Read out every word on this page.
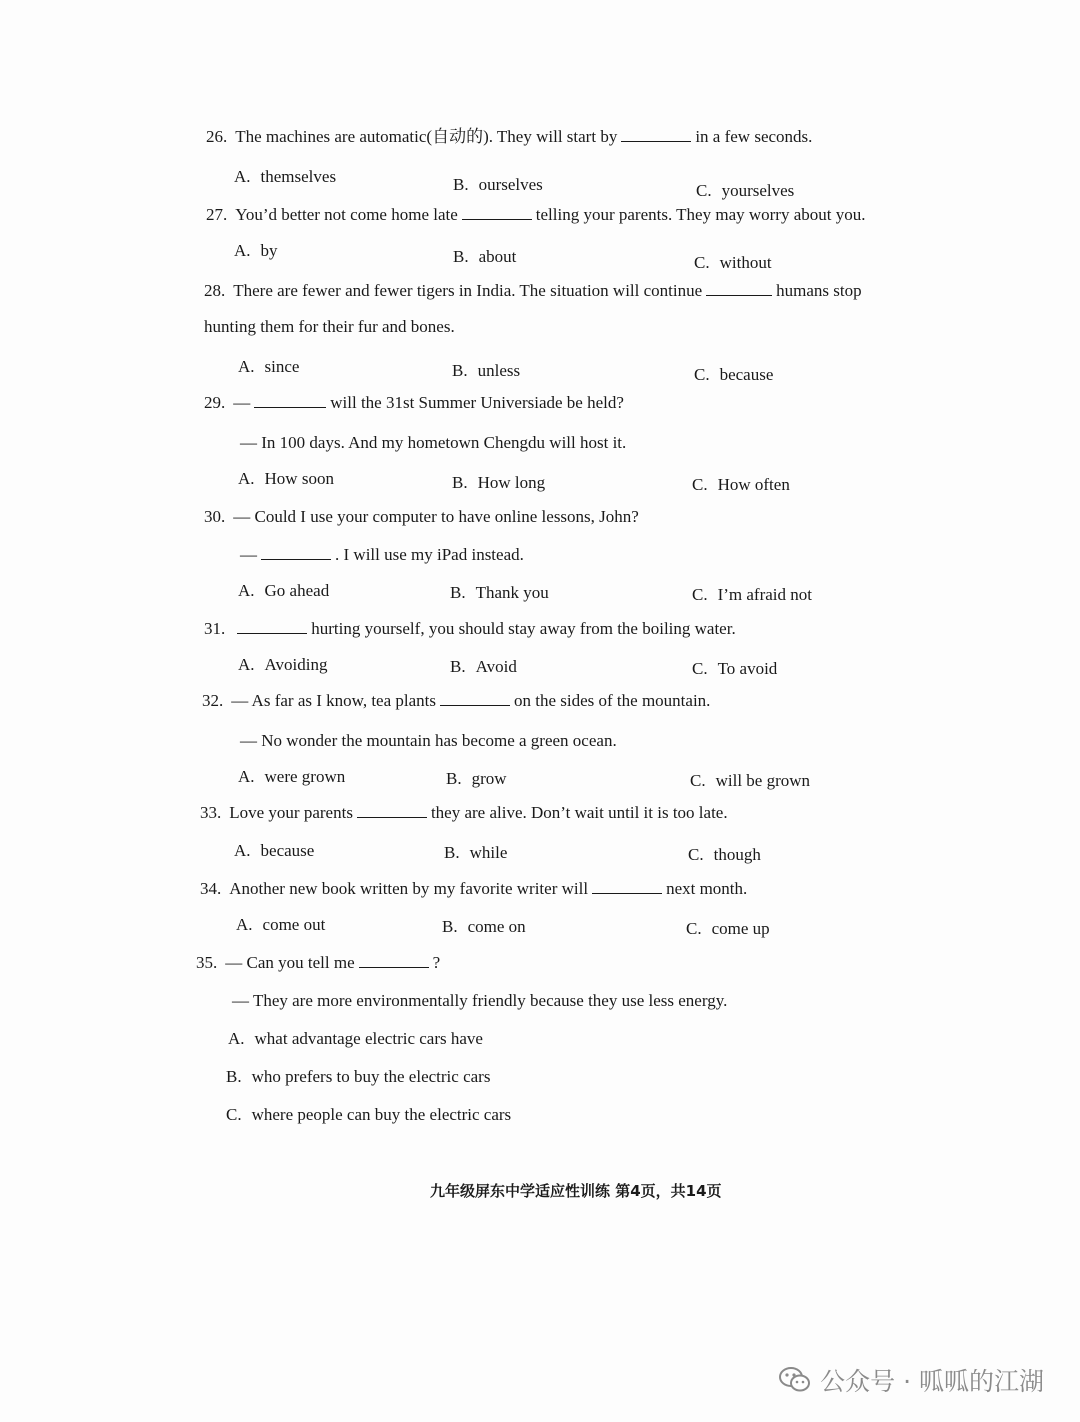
26. The machines are automatic(自动的). They will start by	in a few seconds.
A. themselves	B. ourselves	C. yourselves
27. You’d better not come home late	telling your parents. They may worry about you.
A. by	B. about	C. without
28. There are fewer and fewer tigers in India. The situation will continue	humans stop
hunting them for their fur and bones.
A. since	B. unless	C. because
29. —	will the 31st Summer Universiade be held?
— In 100 days. And my hometown Chengdu will host it.
A. How soon	B. How long	C. How often
30. — Could I use your computer to have online lessons, John?
—	. I will use my iPad instead.
A. Go ahead	B. Thank you	C. I’m afraid not
31.	hurting yourself, you should stay away from the boiling water.
A. Avoiding	B. Avoid	C. To avoid
32. — As far as I know, tea plants	on the sides of the mountain.
— No wonder the mountain has become a green ocean.
A. were grown	B. grow	C. will be grown
33. Love your parents	they are alive. Don’t wait until it is too late.
A. because	B. while	C. though
34. Another new book written by my favorite writer will	next month.
A. come out	B. come on	C. come up
35. — Can you tell me	?
— They are more environmentally friendly because they use less energy.
A. what advantage electric cars have
B. who prefers to buy the electric cars
C. where people can buy the electric cars
九年级屏东中学适应性训练 第4页，共14页
公众号 · 呱呱的江湖
